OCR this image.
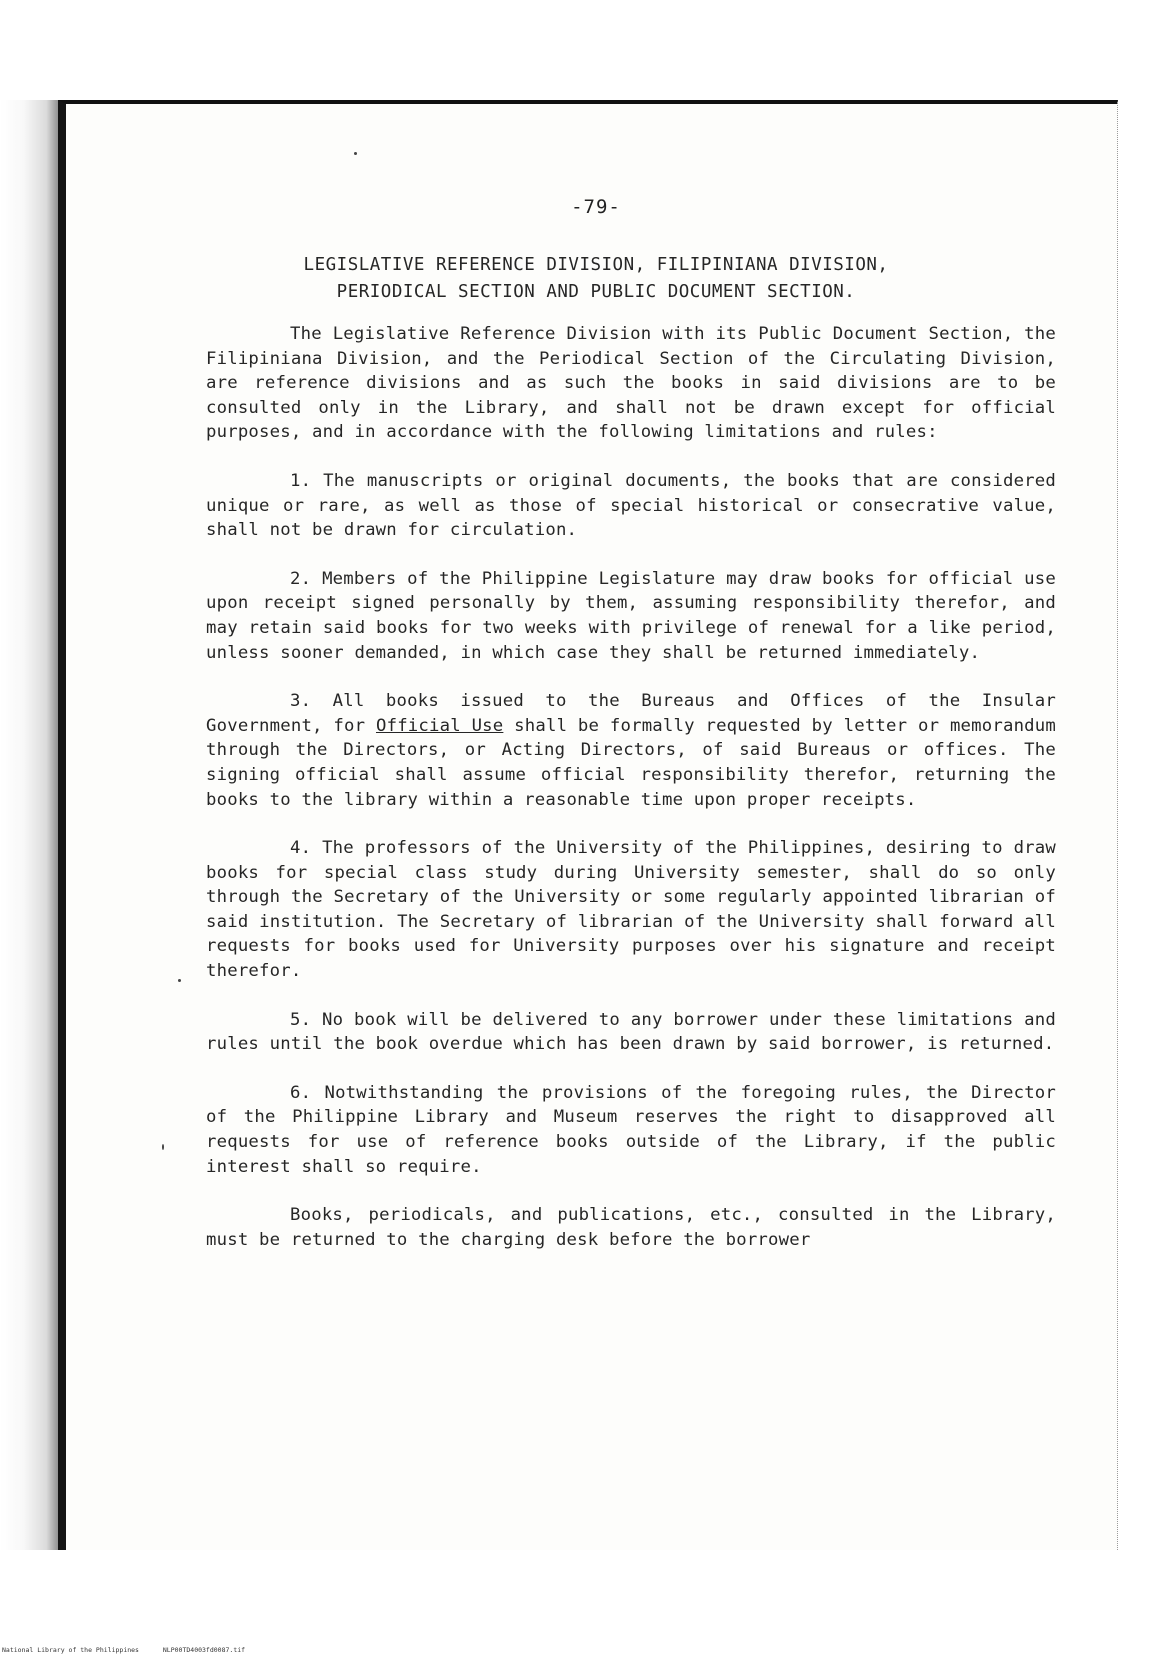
-79-
LEGISLATIVE REFERENCE DIVISION, FILIPINIANA DIVISION,
PERIODICAL SECTION AND PUBLIC DOCUMENT SECTION.

The Legislative Reference Division with its Public Document Section, the Filipiniana Division, and the Periodical Section of the Circulating Division, are reference divisions and as such the books in said divisions are to be consulted only in the Library, and shall not be drawn except for official purposes, and in accordance with the following limitations and rules:

1. The manuscripts or original documents, the books that are considered unique or rare, as well as those of special historical or consecrative value, shall not be drawn for circulation.

2. Members of the Philippine Legislature may draw books for official use upon receipt signed personally by them, assuming responsibility therefor, and may retain said books for two weeks with privilege of renewal for a like period, unless sooner demanded, in which case they shall be returned immediately.

3. All books issued to the Bureaus and Offices of the Insular Government, for Official Use shall be formally requested by letter or memorandum through the Directors, or Acting Directors, of said Bureaus or offices. The signing official shall assume official responsibility therefor, returning the books to the library within a reasonable time upon proper receipts.

4. The professors of the University of the Philippines, desiring to draw books for special class study during University semester, shall do so only through the Secretary of the University or some regularly appointed librarian of said institution. The Secretary of librarian of the University shall forward all requests for books used for University purposes over his signature and receipt therefor.

5. No book will be delivered to any borrower under these limitations and rules until the book overdue which has been drawn by said borrower, is returned.

6. Notwithstanding the provisions of the foregoing rules, the Director of the Philippine Library and Museum reserves the right to disapproved all requests for use of reference books outside of the Library, if the public interest shall so require.

Books, periodicals, and publications, etc., consulted in the Library, must be returned to the charging desk before the borrower

National Library of the Philippines	NLP00TD4003fd0087.tif
